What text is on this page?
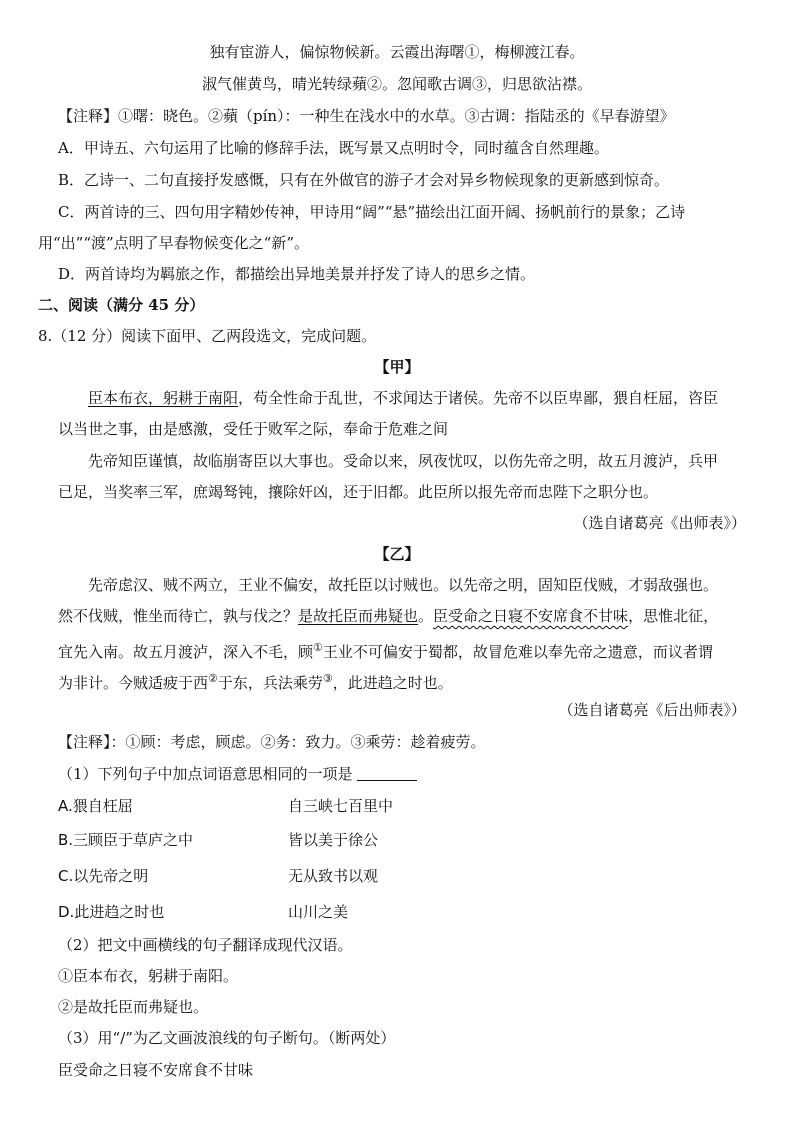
独有宦游人，偏惊物候新。云霞出海曙①，梅柳渡江春。
淑气催黄鸟，晴光转绿蘋②。忽闻歌古调③，归思欲沾襟。
【注释】①曙：晓色。②蘋（pín）：一种生在浅水中的水草。③古调：指陆丞的《早春游望》
A．甲诗五、六句运用了比喻的修辞手法，既写景又点明时令，同时蕴含自然理趣。
B．乙诗一、二句直接抒发感慨，只有在外做官的游子才会对异乡物候现象的更新感到惊奇。
C．两首诗的三、四句用字精妙传神，甲诗用“阔”“悬”描绘出江面开阔、扬帆前行的景象；乙诗
用“出”“渡”点明了早春物候变化之“新”。
D．两首诗均为羁旅之作，都描绘出异地美景并抒发了诗人的思乡之情。
二、阅读（满分 45 分）
8.（12 分）阅读下面甲、乙两段选文，完成问题。
【甲】
臣本布衣，躬耕于南阳，苟全性命于乱世，不求闻达于诸侯。先帝不以臣卑鄙，猥自枉屈，咨臣
以当世之事，由是感激，受任于败军之际，奉命于危难之间
先帝知臣谨慎，故临崩寄臣以大事也。受命以来，夙夜忧叹，以伤先帝之明，故五月渡泸，兵甲
已足，当奖率三军，庶竭驽钝，攘除奸凶，还于旧都。此臣所以报先帝而忠陛下之职分也。
（选自诸葛亮《出师表》）
【乙】
先帝虑汉、贼不两立，王业不偏安，故托臣以讨贼也。以先帝之明，固知臣伐贼，才弱敌强也。
然不伐贼，惟坐而待亡，孰与伐之？是故托臣而弗疑也。臣受命之日寝不安席食不甘味，思惟北征，
宜先入南。故五月渡泸，深入不毛，顾①王业不可偏安于蜀都，故冒危难以奉先帝之遗意，而议者谓
为非计。今贼适疲于西②于东，兵法乘劳③，此进趋之时也。
（选自诸葛亮《后出师表》）
【注释】：①顾：考虑，顾虑。②务：致力。③乘劳：趁着疲劳。
（1）下列句子中加点词语意思相同的一项是
A.猥自枉屈	自三峡七百里中
B.三顾臣于草庐之中	皆以美于徐公
C.以先帝之明	无从致书以观
D.此进趋之时也	山川之美
（2）把文中画横线的句子翻译成现代汉语。
①臣本布衣，躬耕于南阳。
②是故托臣而弗疑也。
（3）用“/”为乙文画波浪线的句子断句。（断两处）
臣受命之日寝不安席食不甘味
